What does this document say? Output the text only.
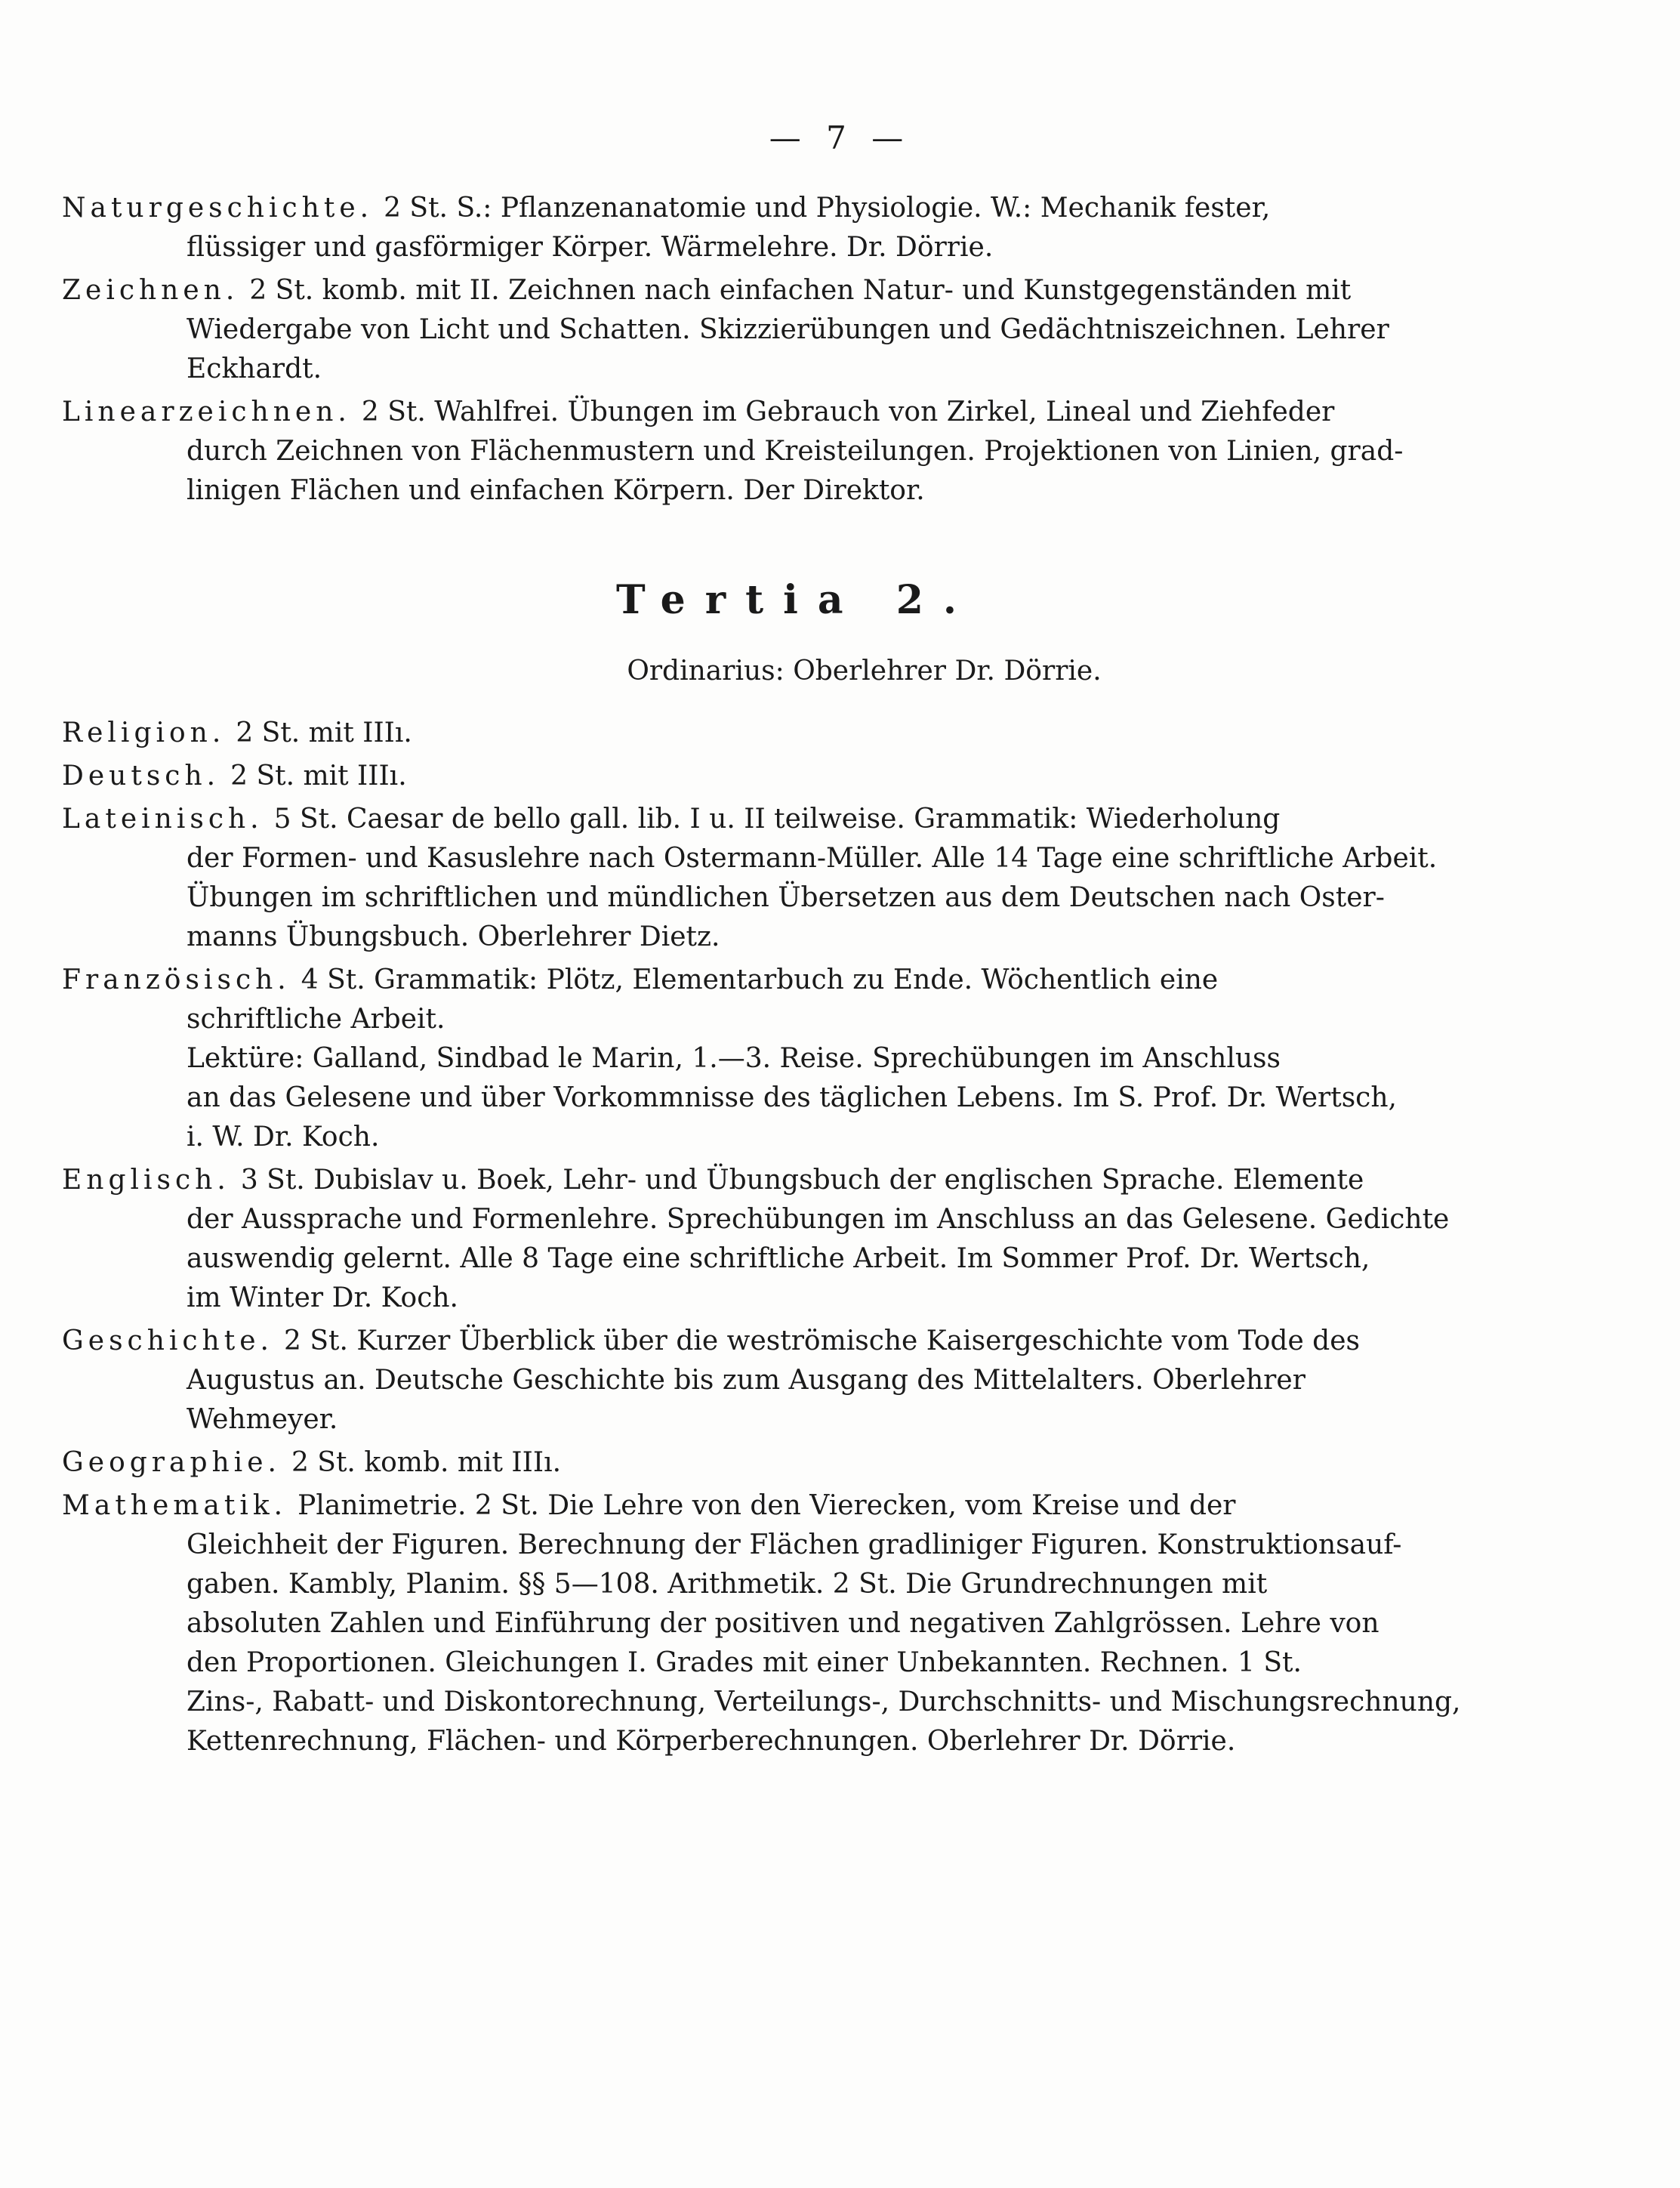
— 7 —
Naturgeschichte. 2 St. S.: Pflanzenanatomie und Physiologie. W.: Mechanik fester,
flüssiger und gasförmiger Körper. Wärmelehre. Dr. Dörrie.
Zeichnen. 2 St. komb. mit II. Zeichnen nach einfachen Natur- und Kunstgegenständen mit
Wiedergabe von Licht und Schatten. Skizzierübungen und Gedächtniszeichnen. Lehrer
Eckhardt.
Linearzeichnen. 2 St. Wahlfrei. Übungen im Gebrauch von Zirkel, Lineal und Ziehfeder
durch Zeichnen von Flächenmustern und Kreisteilungen. Projektionen von Linien, grad-
linigen Flächen und einfachen Körpern. Der Direktor.
Tertia 2.
Ordinarius: Oberlehrer Dr. Dörrie.
Religion. 2 St. mit IIIı.
Deutsch. 2 St. mit IIIı.
Lateinisch. 5 St. Caesar de bello gall. lib. I u. II teilweise. Grammatik: Wiederholung
der Formen- und Kasuslehre nach Ostermann-Müller. Alle 14 Tage eine schriftliche Arbeit.
Übungen im schriftlichen und mündlichen Übersetzen aus dem Deutschen nach Oster-
manns Übungsbuch. Oberlehrer Dietz.
Französisch. 4 St. Grammatik: Plötz, Elementarbuch zu Ende. Wöchentlich eine
schriftliche Arbeit.
Lektüre: Galland, Sindbad le Marin, 1.—3. Reise. Sprechübungen im Anschluss
an das Gelesene und über Vorkommnisse des täglichen Lebens. Im S. Prof. Dr. Wertsch,
i. W. Dr. Koch.
Englisch. 3 St. Dubislav u. Boek, Lehr- und Übungsbuch der englischen Sprache. Elemente
der Aussprache und Formenlehre. Sprechübungen im Anschluss an das Gelesene. Gedichte
auswendig gelernt. Alle 8 Tage eine schriftliche Arbeit. Im Sommer Prof. Dr. Wertsch,
im Winter Dr. Koch.
Geschichte. 2 St. Kurzer Überblick über die weströmische Kaisergeschichte vom Tode des
Augustus an. Deutsche Geschichte bis zum Ausgang des Mittelalters. Oberlehrer
Wehmeyer.
Geographie. 2 St. komb. mit IIIı.
Mathematik. Planimetrie. 2 St. Die Lehre von den Vierecken, vom Kreise und der
Gleichheit der Figuren. Berechnung der Flächen gradliniger Figuren. Konstruktionsauf-
gaben. Kambly, Planim. §§ 5—108. Arithmetik. 2 St. Die Grundrechnungen mit
absoluten Zahlen und Einführung der positiven und negativen Zahlgrössen. Lehre von
den Proportionen. Gleichungen I. Grades mit einer Unbekannten. Rechnen. 1 St.
Zins-, Rabatt- und Diskontorechnung, Verteilungs-, Durchschnitts- und Mischungsrechnung,
Kettenrechnung, Flächen- und Körperberechnungen. Oberlehrer Dr. Dörrie.
